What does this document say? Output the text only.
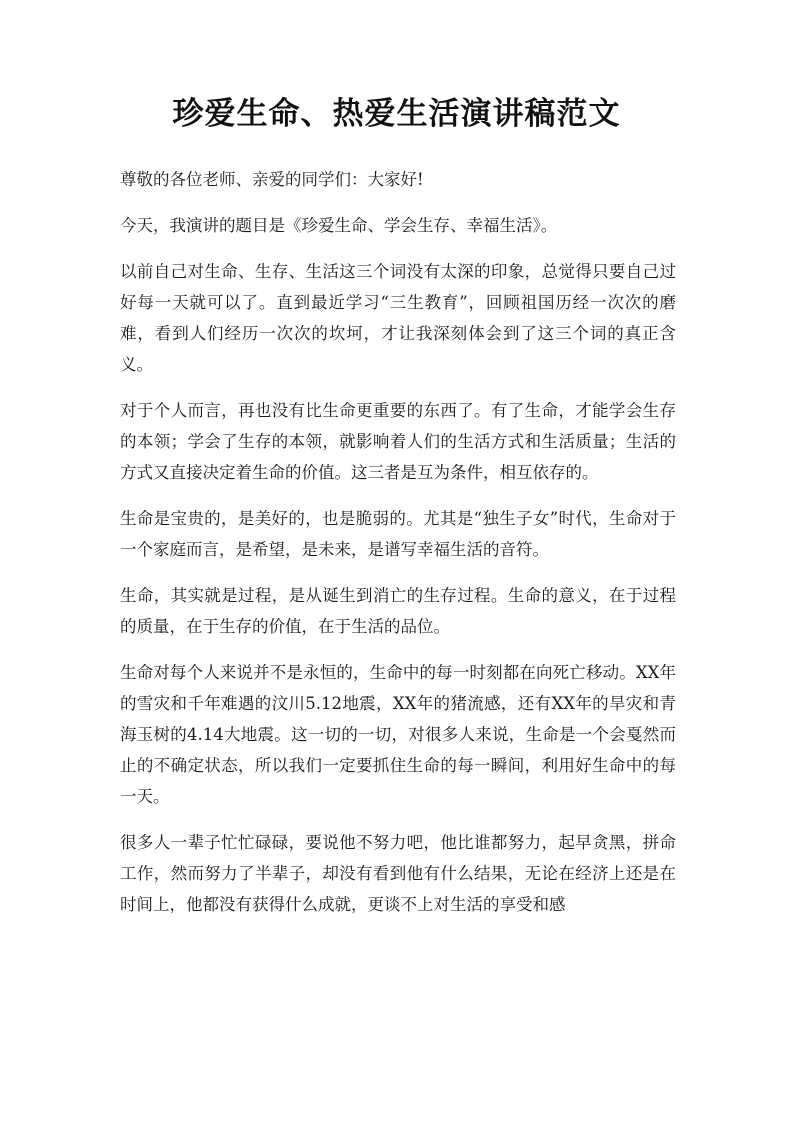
珍爱生命、热爱生活演讲稿范文

尊敬的各位老师、亲爱的同学们：大家好!

今天，我演讲的题目是《珍爱生命、学会生存、幸福生活》。

以前自己对生命、生存、生活这三个词没有太深的印象，总觉得只要自己过好每一天就可以了。直到最近学习“三生教育”，回顾祖国历经一次次的磨难，看到人们经历一次次的坎坷，才让我深刻体会到了这三个词的真正含义。

对于个人而言，再也没有比生命更重要的东西了。有了生命，才能学会生存的本领；学会了生存的本领，就影响着人们的生活方式和生活质量；生活的方式又直接决定着生命的价值。这三者是互为条件，相互依存的。

生命是宝贵的，是美好的，也是脆弱的。尤其是“独生子女”时代，生命对于一个家庭而言，是希望，是未来，是谱写幸福生活的音符。

生命，其实就是过程，是从诞生到消亡的生存过程。生命的意义，在于过程的质量，在于生存的价值，在于生活的品位。

生命对每个人来说并不是永恒的，生命中的每一时刻都在向死亡移动。XX年的雪灾和千年难遇的汶川5.12地震，XX年的猪流感，还有XX年的旱灾和青海玉树的4.14大地震。这一切的一切，对很多人来说，生命是一个会戛然而止的不确定状态，所以我们一定要抓住生命的每一瞬间，利用好生命中的每一天。

很多人一辈子忙忙碌碌，要说他不努力吧，他比谁都努力，起早贪黑，拼命工作，然而努力了半辈子，却没有看到他有什么结果，无论在经济上还是在时间上，他都没有获得什么成就，更谈不上对生活的享受和感
